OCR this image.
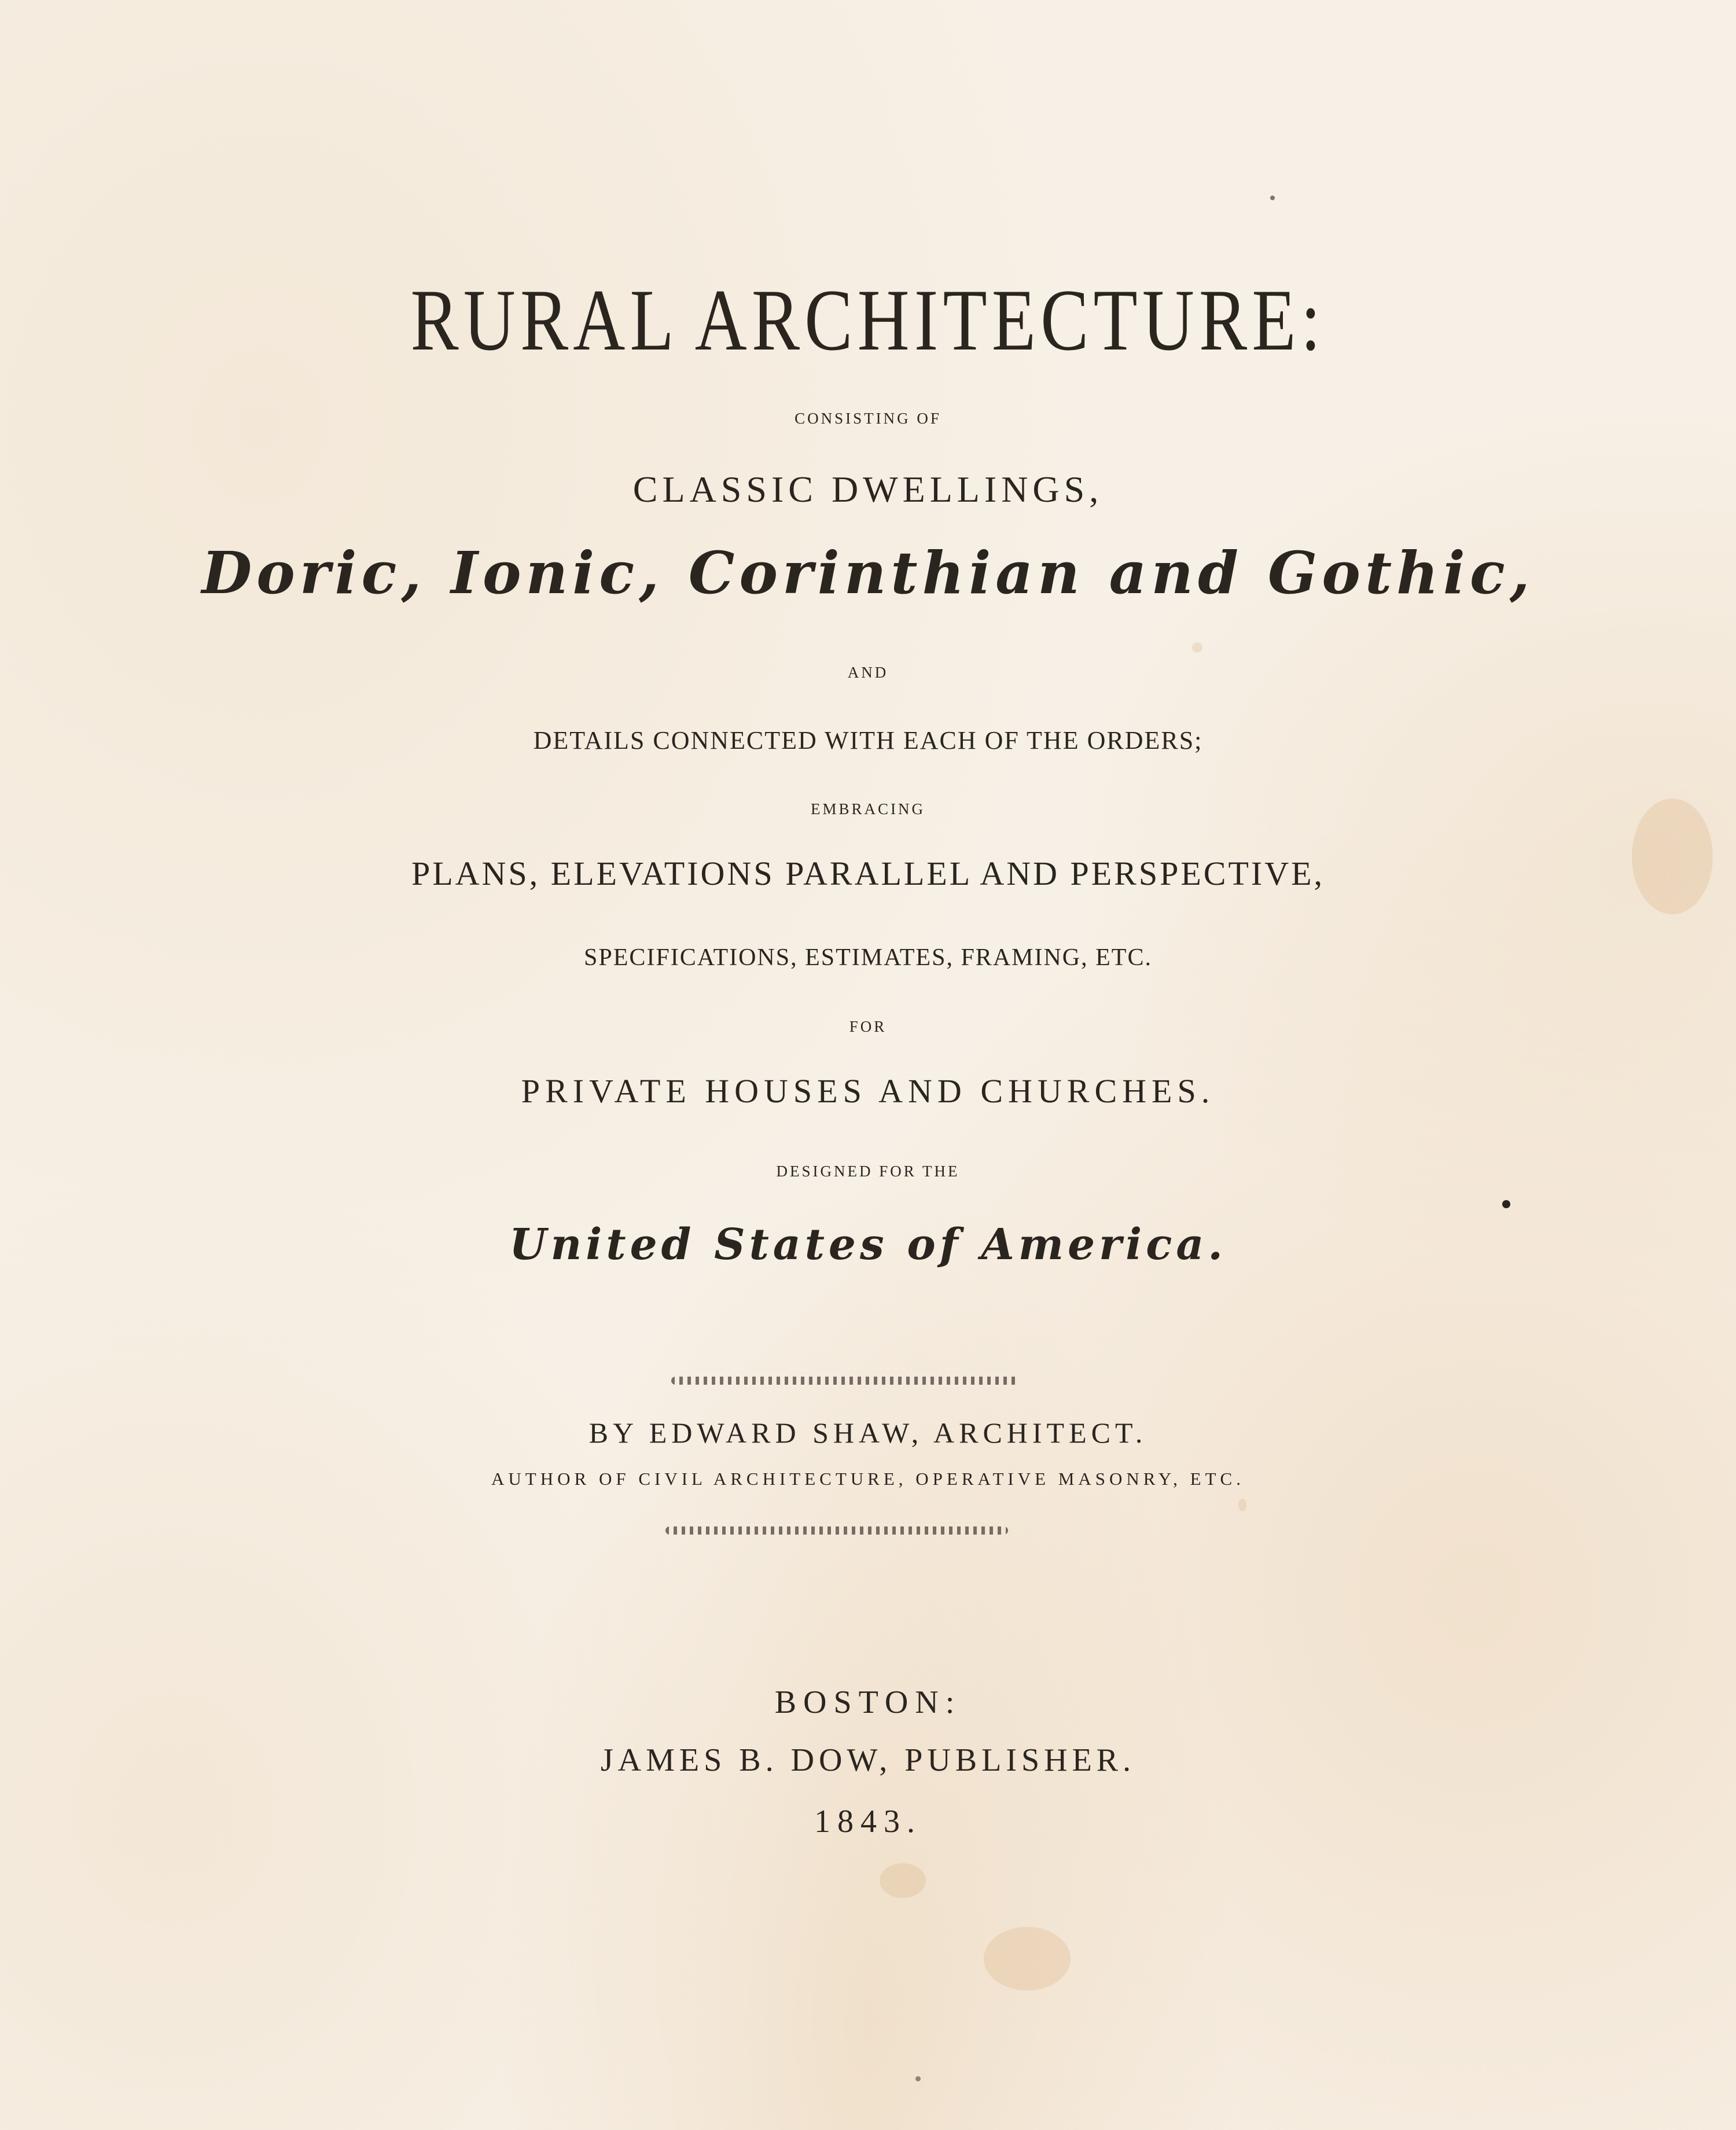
RURAL ARCHITECTURE:
CONSISTING OF
CLASSIC DWELLINGS,
Doric, Ionic, Corinthian and Gothic,
AND
DETAILS CONNECTED WITH EACH OF THE ORDERS;
EMBRACING
PLANS, ELEVATIONS PARALLEL AND PERSPECTIVE,
SPECIFICATIONS, ESTIMATES, FRAMING, ETC.
FOR
PRIVATE HOUSES AND CHURCHES.
DESIGNED FOR THE
United States of America.
BY EDWARD SHAW, ARCHITECT.
AUTHOR OF CIVIL ARCHITECTURE, OPERATIVE MASONRY, ETC.
BOSTON:
JAMES B. DOW, PUBLISHER.
1843.
